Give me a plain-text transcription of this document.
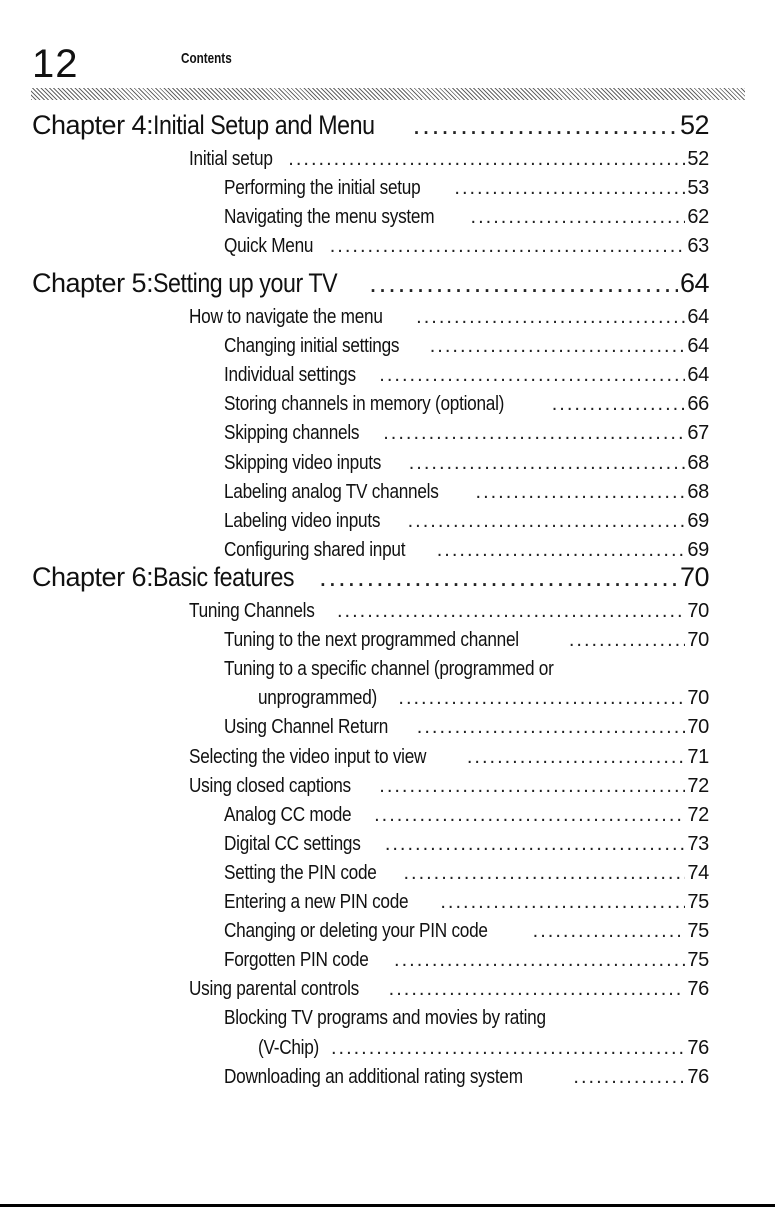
12	Contents
Chapter 4: Initial Setup and Menu .....	52
Initial setup .....	52
Performing the initial setup .....	53
Navigating the menu system .....	62
Quick Menu .....	63
Chapter 5: Setting up your TV .....	64
How to navigate the menu .....	64
Changing initial settings .....	64
Individual settings .....	64
Storing channels in memory (optional) .....	66
Skipping channels .....	67
Skipping video inputs .....	68
Labeling analog TV channels .....	68
Labeling video inputs .....	69
Configuring shared input .....	69
Chapter 6: Basic features .....	70
Tuning Channels .....	70
Tuning to the next programmed channel .....	70
Tuning to a specific channel (programmed or
unprogrammed) .....	70
Using Channel Return .....	70
Selecting the video input to view .....	71
Using closed captions .....	72
Analog CC mode .....	72
Digital CC settings .....	73
Setting the PIN code .....	74
Entering a new PIN code .....	75
Changing or deleting your PIN code .....	75
Forgotten PIN code .....	75
Using parental controls .....	76
Blocking TV programs and movies by rating
(V-Chip) .....	76
Downloading an additional rating system .....	76
